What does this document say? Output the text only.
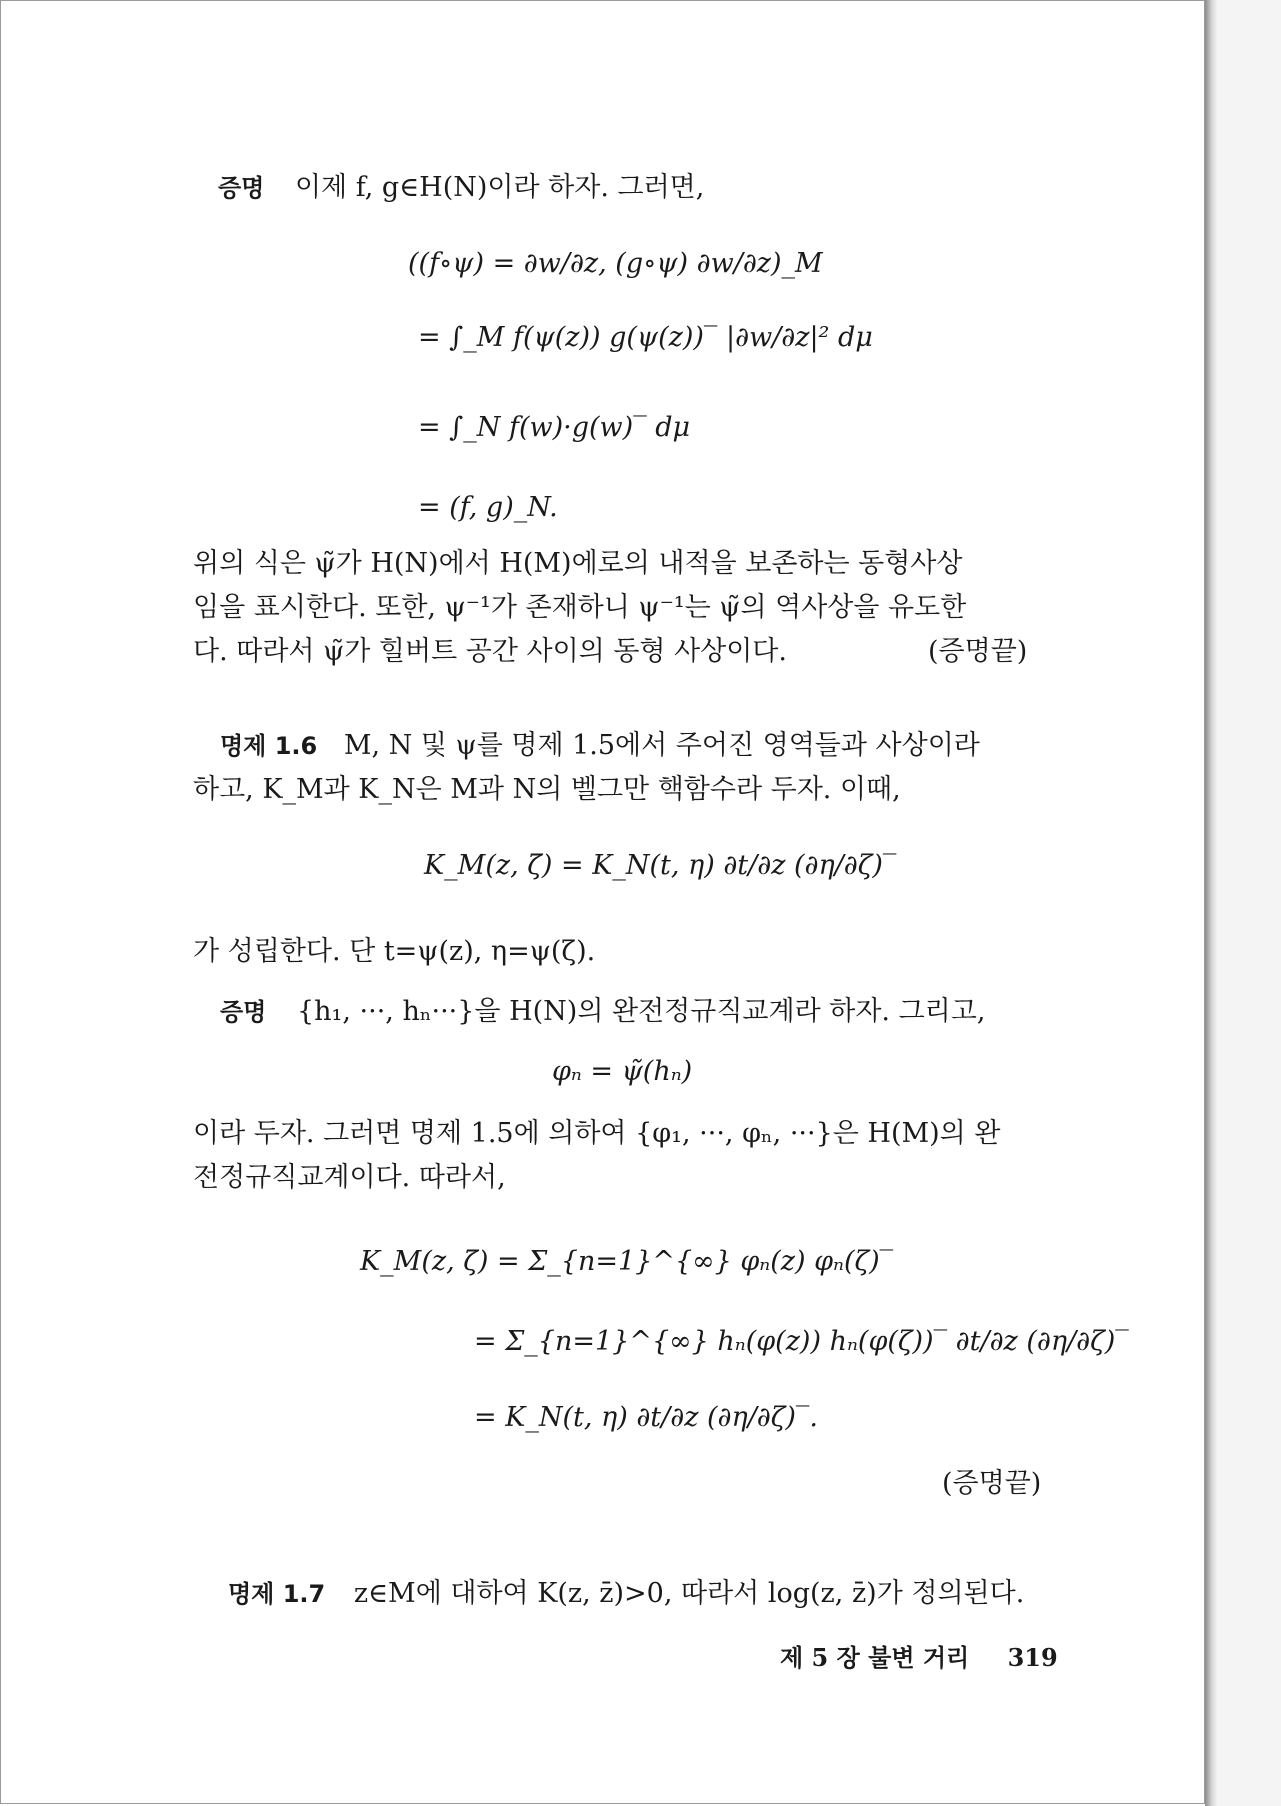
증명 이제 f, g∈H(N)이라 하자. 그러면,
((f∘ψ) = ∂w/∂z, (g∘ψ) ∂w/∂z)_M
= ∫_M f(ψ(z)) g(ψ(z))‾ |∂w/∂z|² dμ
= ∫_N f(w)·g(w)‾ dμ
= (f, g)_N.
위의 식은 ψ̃가 H(N)에서 H(M)에로의 내적을 보존하는 동형사상
임을 표시한다. 또한, ψ⁻¹가 존재하니 ψ⁻¹는 ψ̃의 역사상을 유도한
다. 따라서 ψ̃가 힐버트 공간 사이의 동형 사상이다.	(증명끝)
명제 1.6 M, N 및 ψ를 명제 1.5에서 주어진 영역들과 사상이라
하고, K_M과 K_N은 M과 N의 벨그만 핵함수라 두자. 이때,
K_M(z, ζ̄) = K_N(t, η) ∂t/∂z (∂η/∂ζ)‾
가 성립한다. 단 t=ψ(z), η=ψ(ζ).
증명 {h₁, ···, hₙ···}을 H(N)의 완전정규직교계라 하자. 그리고,
φₙ = ψ̃(hₙ)
이라 두자. 그러면 명제 1.5에 의하여 {φ₁, ···, φₙ, ···}은 H(M)의 완
전정규직교계이다. 따라서,
K_M(z, ζ̄) = Σ_{n=1}^{∞} φₙ(z) φₙ(ζ)‾
= Σ_{n=1}^{∞} hₙ(φ(z)) hₙ(φ(ζ))‾ ∂t/∂z (∂η/∂ζ)‾
= K_N(t, η) ∂t/∂z (∂η/∂ζ)‾.
(증명끝)
명제 1.7 z∈M에 대하여 K(z, z̄)>0, 따라서 log(z, z̄)가 정의된다.
제 5 장 불변 거리 319
